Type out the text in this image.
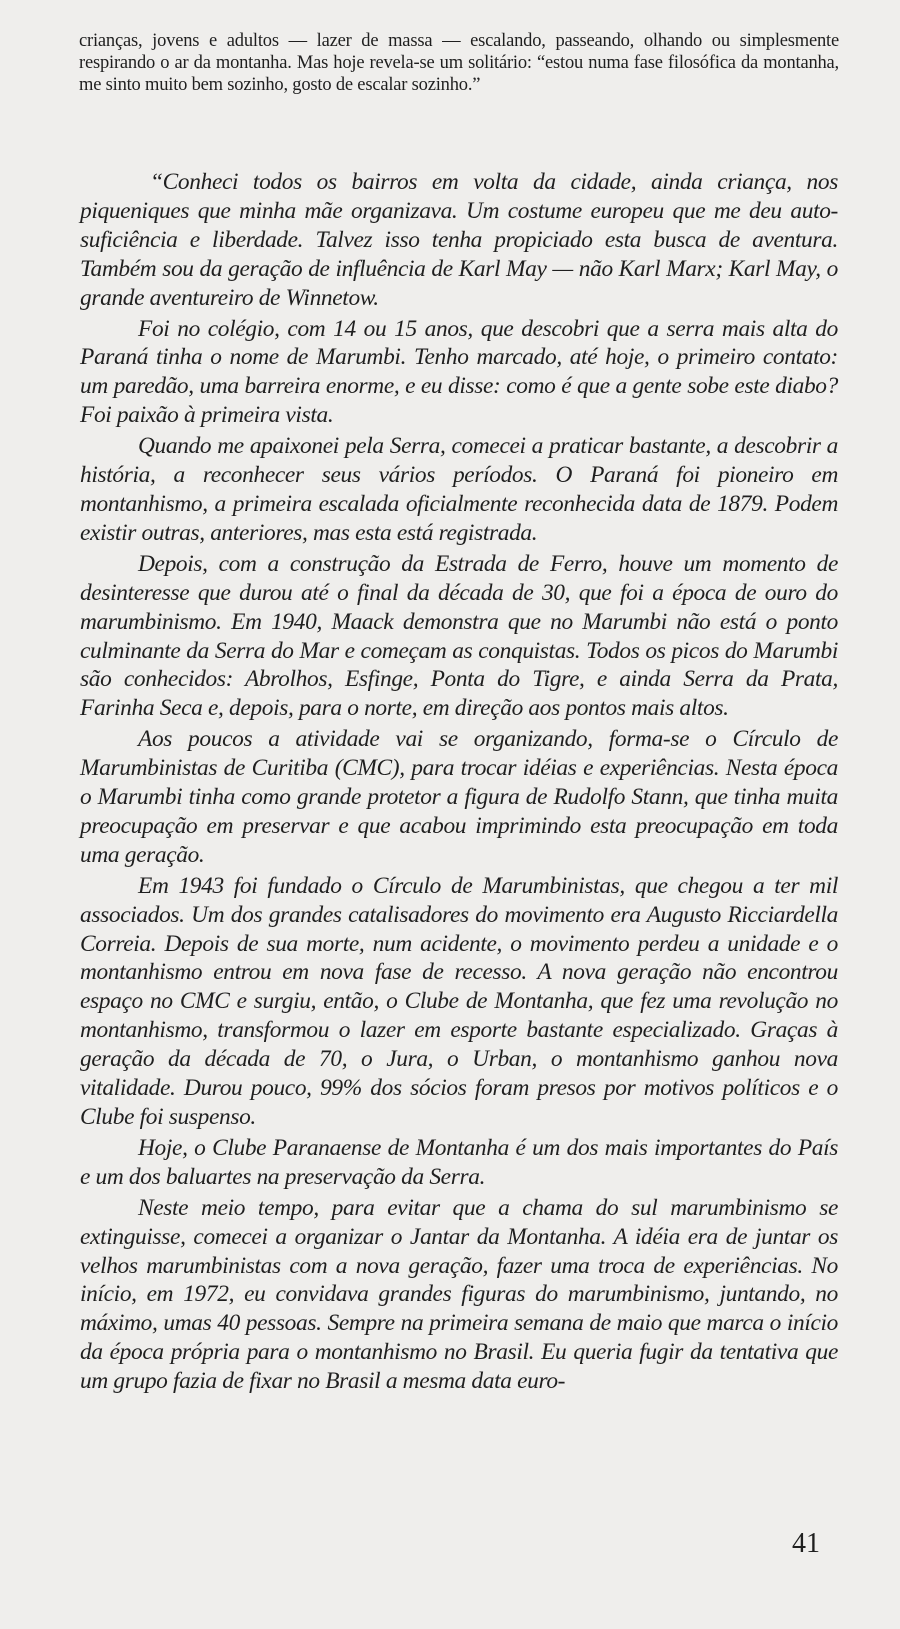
crianças, jovens e adultos — lazer de massa — escalando, passeando, olhando ou simplesmente respirando o ar da montanha. Mas hoje revela-se um solitário: “estou numa fase filosófica da montanha, me sinto muito bem sozinho, gosto de escalar sozinho.”

“Conheci todos os bairros em volta da cidade, ainda criança, nos piqueniques que minha mãe organizava. Um costume europeu que me deu auto-suficiência e liberdade. Talvez isso tenha propiciado esta busca de aventura. Também sou da geração de influência de Karl May — não Karl Marx; Karl May, o grande aventureiro de Winnetow.

Foi no colégio, com 14 ou 15 anos, que descobri que a serra mais alta do Paraná tinha o nome de Marumbi. Tenho marcado, até hoje, o primeiro contato: um paredão, uma barreira enorme, e eu disse: como é que a gente sobe este diabo? Foi paixão à primeira vista.

Quando me apaixonei pela Serra, comecei a praticar bastante, a descobrir a história, a reconhecer seus vários períodos. O Paraná foi pioneiro em montanhismo, a primeira escalada oficialmente reconhecida data de 1879. Podem existir outras, anteriores, mas esta está registrada.

Depois, com a construção da Estrada de Ferro, houve um momento de desinteresse que durou até o final da década de 30, que foi a época de ouro do marumbinismo. Em 1940, Maack demonstra que no Marumbi não está o ponto culminante da Serra do Mar e começam as conquistas. Todos os picos do Marumbi são conhecidos: Abrolhos, Esfinge, Ponta do Tigre, e ainda Serra da Prata, Farinha Seca e, depois, para o norte, em direção aos pontos mais altos.

Aos poucos a atividade vai se organizando, forma-se o Círculo de Marumbinistas de Curitiba (CMC), para trocar idéias e experiências. Nesta época o Marumbi tinha como grande protetor a figura de Rudolfo Stann, que tinha muita preocupação em preservar e que acabou imprimindo esta preocupação em toda uma geração.

Em 1943 foi fundado o Círculo de Marumbinistas, que chegou a ter mil associados. Um dos grandes catalisadores do movimento era Augusto Ricciardella Correia. Depois de sua morte, num acidente, o movimento perdeu a unidade e o montanhismo entrou em nova fase de recesso. A nova geração não encontrou espaço no CMC e surgiu, então, o Clube de Montanha, que fez uma revolução no montanhismo, transformou o lazer em esporte bastante especializado. Graças à geração da década de 70, o Jura, o Urban, o montanhismo ganhou nova vitalidade. Durou pouco, 99% dos sócios foram presos por motivos políticos e o Clube foi suspenso.

Hoje, o Clube Paranaense de Montanha é um dos mais importantes do País e um dos baluartes na preservação da Serra.

Neste meio tempo, para evitar que a chama do sul marumbinismo se extinguisse, comecei a organizar o Jantar da Montanha. A idéia era de juntar os velhos marumbinistas com a nova geração, fazer uma troca de experiências. No início, em 1972, eu convidava grandes figuras do marumbinismo, juntando, no máximo, umas 40 pessoas. Sempre na primeira semana de maio que marca o início da época própria para o montanhismo no Brasil. Eu queria fugir da tentativa que um grupo fazia de fixar no Brasil a mesma data euro-

41
